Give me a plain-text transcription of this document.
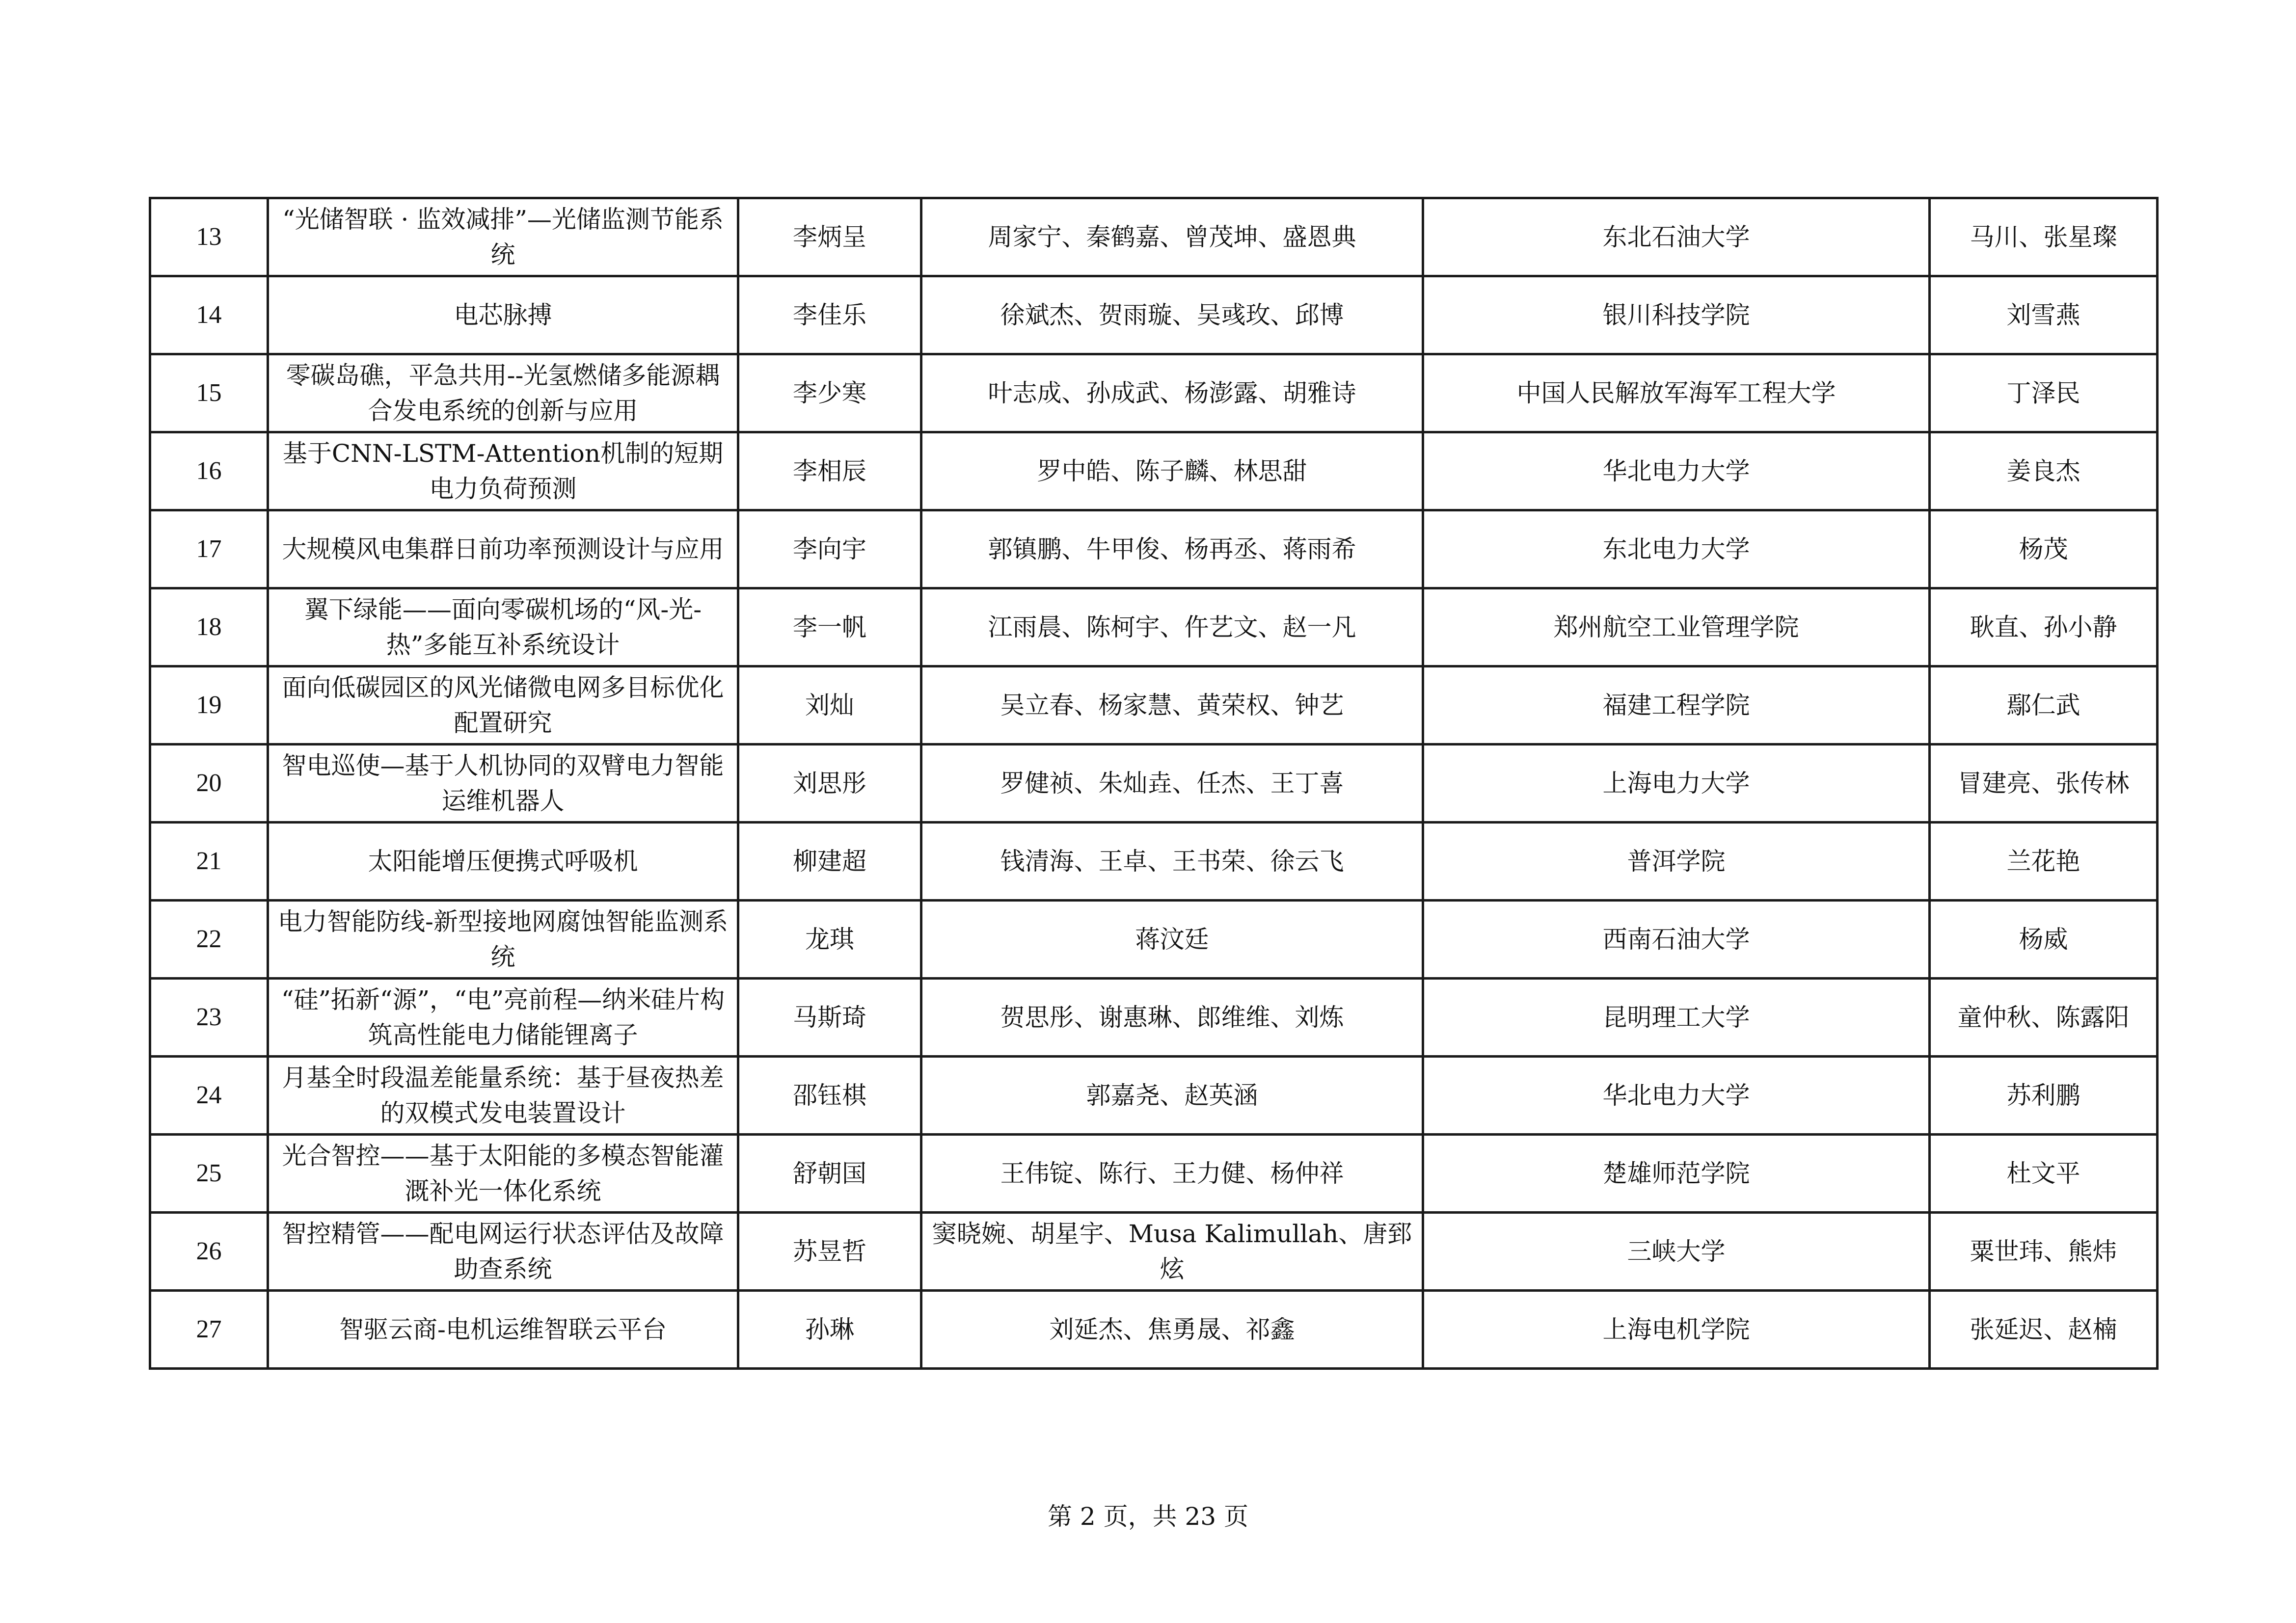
13	“光储智联 · 监效减排”—光储监测节能系统	李炳呈	周家宁、秦鹤嘉、曾茂坤、盛恩典	东北石油大学	马川、张星璨
14	电芯脉搏	李佳乐	徐斌杰、贺雨璇、吴彧玫、邱博	银川科技学院	刘雪燕
15	零碳岛礁，平急共用--光氢燃储多能源耦合发电系统的创新与应用	李少寒	叶志成、孙成武、杨澎露、胡雅诗	中国人民解放军海军工程大学	丁泽民
16	基于CNN-LSTM-Attention机制的短期电力负荷预测	李相辰	罗中皓、陈子麟、林思甜	华北电力大学	姜良杰
17	大规模风电集群日前功率预测设计与应用	李向宇	郭镇鹏、牛甲俊、杨再丞、蒋雨希	东北电力大学	杨茂
18	翼下绿能——面向零碳机场的“风-光-热”多能互补系统设计	李一帆	江雨晨、陈柯宇、仵艺文、赵一凡	郑州航空工业管理学院	耿直、孙小静
19	面向低碳园区的风光储微电网多目标优化配置研究	刘灿	吴立春、杨家慧、黄荣权、钟艺	福建工程学院	鄢仁武
20	智电巡使—基于人机协同的双臂电力智能运维机器人	刘思彤	罗健祯、朱灿垚、任杰、王丁喜	上海电力大学	冒建亮、张传林
21	太阳能增压便携式呼吸机	柳建超	钱清海、王卓、王书荣、徐云飞	普洱学院	兰花艳
22	电力智能防线-新型接地网腐蚀智能监测系统	龙琪	蒋汶廷	西南石油大学	杨威
23	“硅”拓新“源”，“电”亮前程—纳米硅片构筑高性能电力储能锂离子	马斯琦	贺思彤、谢惠琳、郎维维、刘炼	昆明理工大学	童仲秋、陈露阳
24	月基全时段温差能量系统：基于昼夜热差的双模式发电装置设计	邵钰棋	郭嘉尧、赵英涵	华北电力大学	苏利鹏
25	光合智控——基于太阳能的多模态智能灌溉补光一体化系统	舒朝国	王伟锭、陈行、王力健、杨仲祥	楚雄师范学院	杜文平
26	智控精管——配电网运行状态评估及故障助查系统	苏昱哲	窦晓婉、胡星宇、Musa Kalimullah、唐郅炫	三峡大学	粟世玮、熊炜
27	智驱云商-电机运维智联云平台	孙琳	刘延杰、焦勇晟、祁鑫	上海电机学院	张延迟、赵楠
第 2 页，共 23 页
